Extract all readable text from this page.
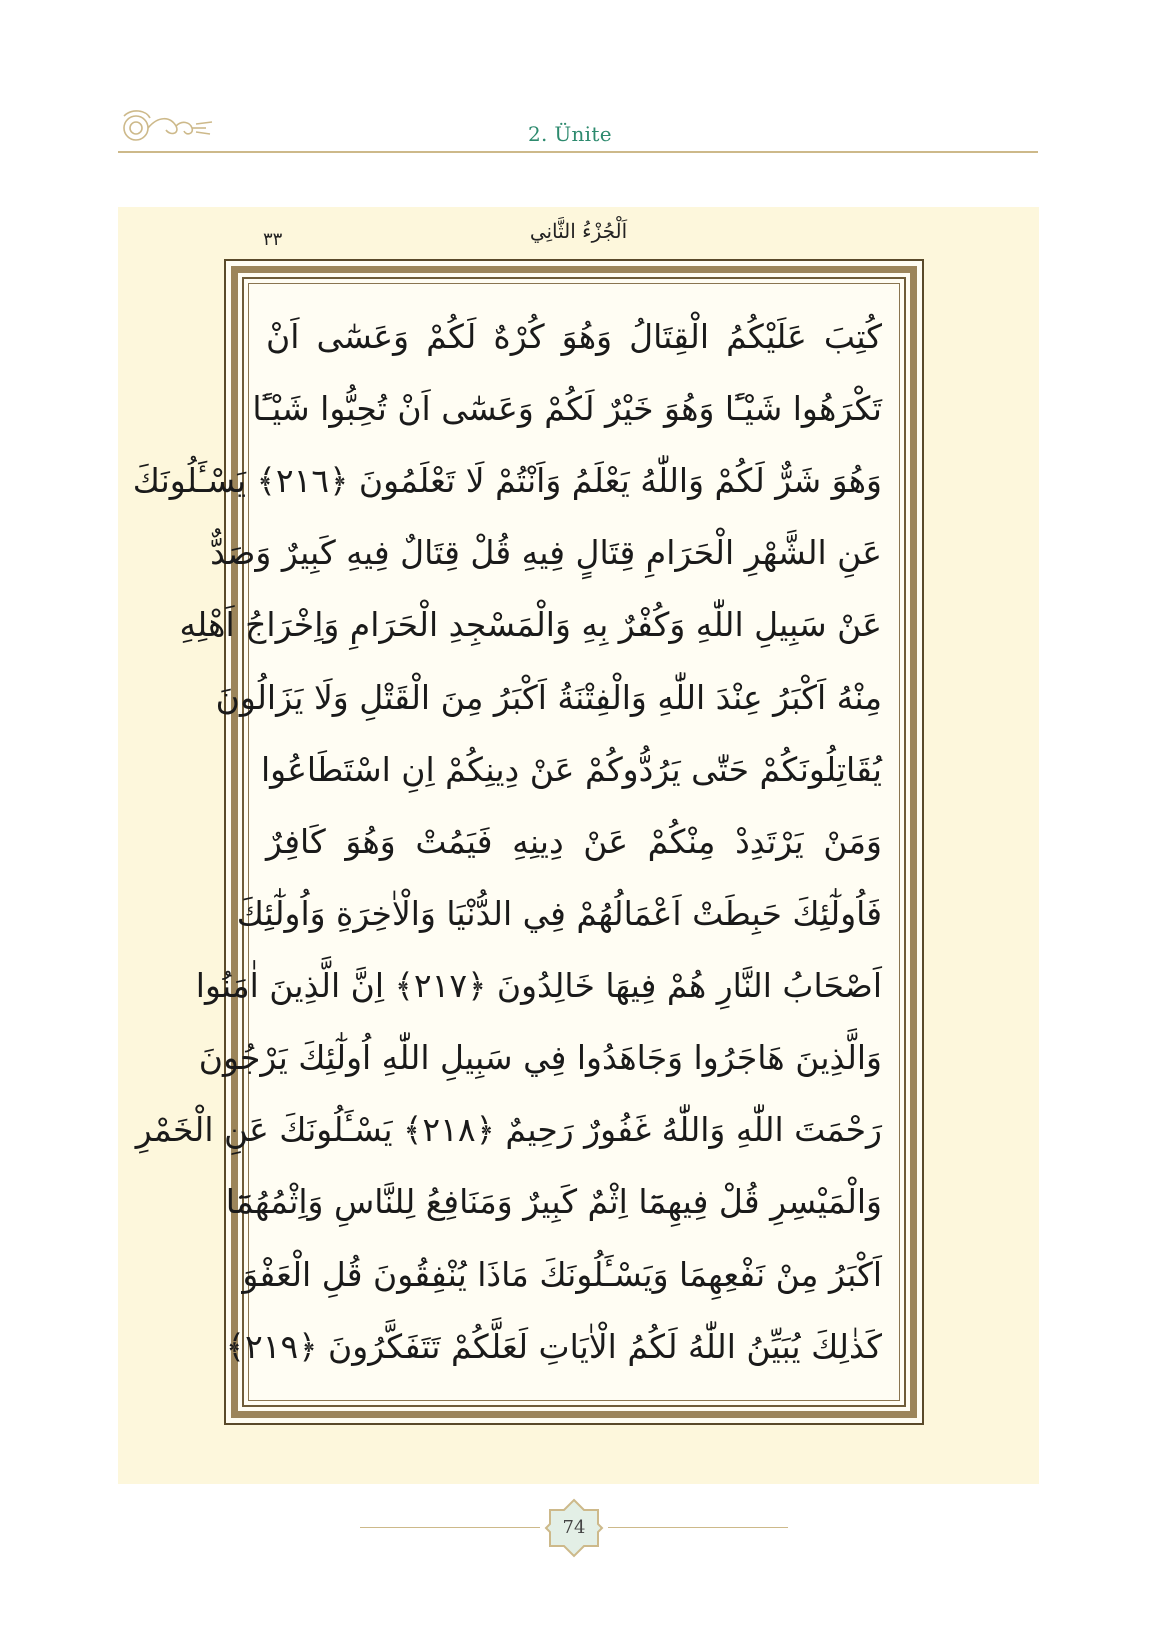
2. Ünite
اَلْجُزْءُ الثَّانِي
٣٣
كُتِبَ عَلَيْكُمُ الْقِتَالُ وَهُوَ كُرْهٌ لَكُمْ وَعَسٰٓى اَنْ
تَكْرَهُوا شَيْـًٔا وَهُوَ خَيْرٌ لَكُمْ وَعَسٰٓى اَنْ تُحِبُّوا شَيْـًٔا
وَهُوَ شَرٌّ لَكُمْ وَاللّٰهُ يَعْلَمُ وَاَنْتُمْ لَا تَعْلَمُونَ ﴿٢١٦﴾ يَسْـَٔلُونَكَ
عَنِ الشَّهْرِ الْحَرَامِ قِتَالٍ فِيهِ قُلْ قِتَالٌ فِيهِ كَبِيرٌ وَصَدٌّ
عَنْ سَبِيلِ اللّٰهِ وَكُفْرٌ بِهِ وَالْمَسْجِدِ الْحَرَامِ وَاِخْرَاجُ اَهْلِهِ
مِنْهُ اَكْبَرُ عِنْدَ اللّٰهِ وَالْفِتْنَةُ اَكْبَرُ مِنَ الْقَتْلِ وَلَا يَزَالُونَ
يُقَاتِلُونَكُمْ حَتّٰى يَرُدُّوكُمْ عَنْ دِينِكُمْ اِنِ اسْتَطَاعُوا
وَمَنْ يَرْتَدِدْ مِنْكُمْ عَنْ دِينِهِ فَيَمُتْ وَهُوَ كَافِرٌ
فَاُولٰٓئِكَ حَبِطَتْ اَعْمَالُهُمْ فِي الدُّنْيَا وَالْاٰخِرَةِ وَاُولٰٓئِكَ
اَصْحَابُ النَّارِ هُمْ فِيهَا خَالِدُونَ ﴿٢١٧﴾ اِنَّ الَّذِينَ اٰمَنُوا
وَالَّذِينَ هَاجَرُوا وَجَاهَدُوا فِي سَبِيلِ اللّٰهِ اُولٰٓئِكَ يَرْجُونَ
رَحْمَتَ اللّٰهِ وَاللّٰهُ غَفُورٌ رَحِيمٌ ﴿٢١٨﴾ يَسْـَٔلُونَكَ عَنِ الْخَمْرِ
وَالْمَيْسِرِ قُلْ فِيهِمَٓا اِثْمٌ كَبِيرٌ وَمَنَافِعُ لِلنَّاسِ وَاِثْمُهُمَٓا
اَكْبَرُ مِنْ نَفْعِهِمَا وَيَسْـَٔلُونَكَ مَاذَا يُنْفِقُونَ قُلِ الْعَفْوَ
كَذٰلِكَ يُبَيِّنُ اللّٰهُ لَكُمُ الْاٰيَاتِ لَعَلَّكُمْ تَتَفَكَّرُونَ ﴿٢١٩﴾
74
